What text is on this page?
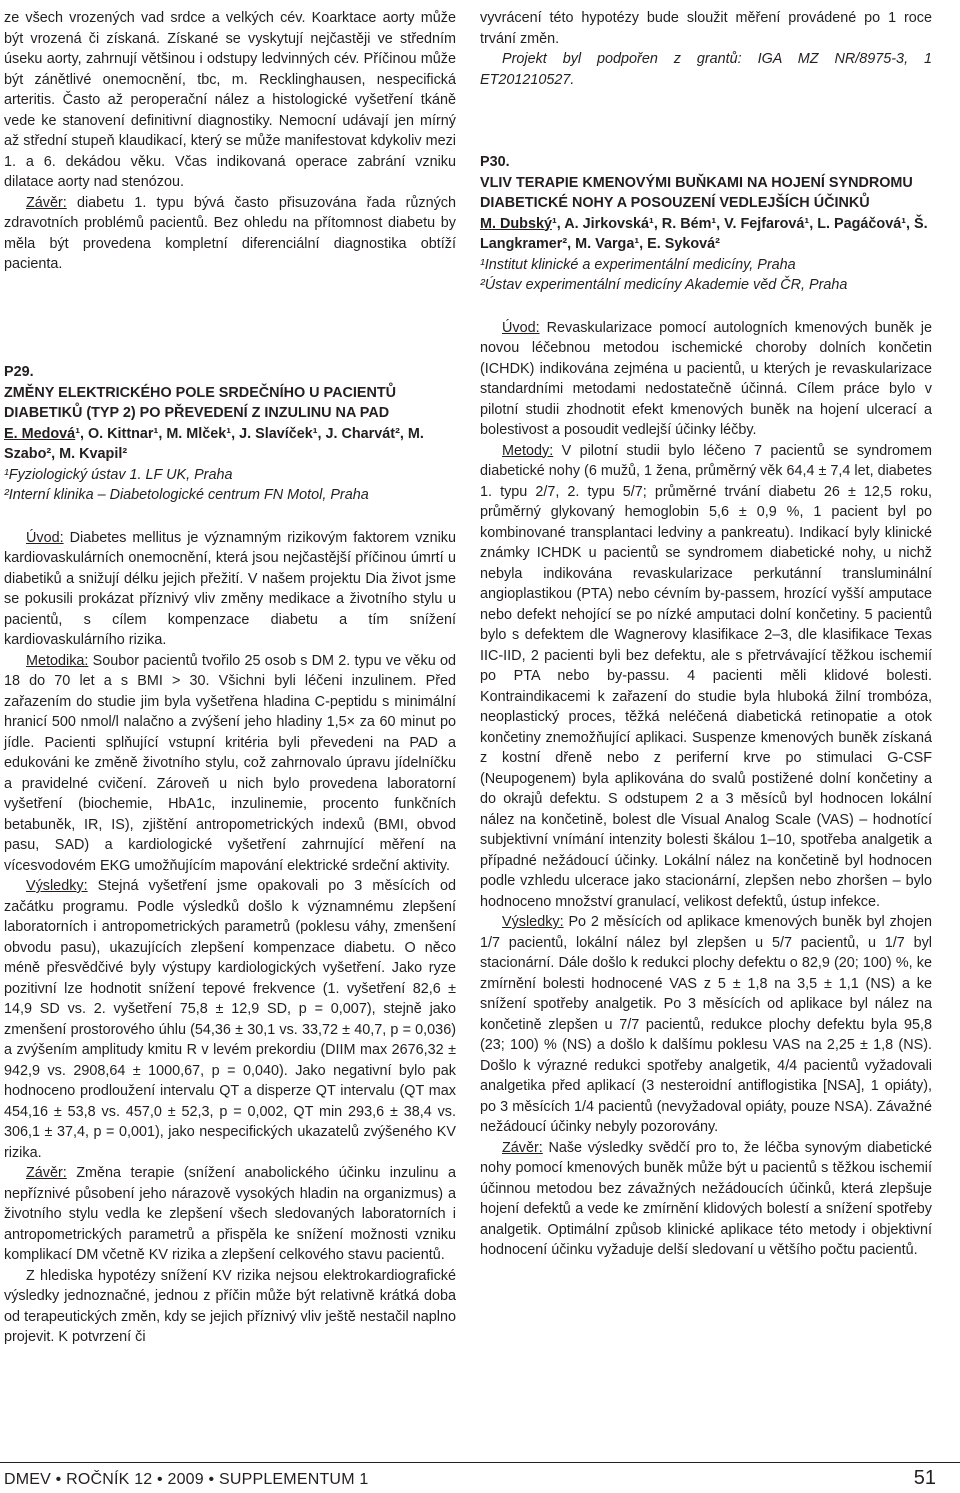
ze všech vrozených vad srdce a velkých cév. Koarktace aorty může být vrozená či získaná. Získané se vyskytují nejčastěji ve středním úseku aorty, zahrnují většinou i odstupy ledvinných cév. Příčinou může být zánětlivé onemocnění, tbc, m. Recklinghausen, nespecifická arteritis. Často až peroperační nález a histologické vyšetření tkáně vede ke stanovení definitivní diagnostiky. Nemocní udávají jen mírný až střední stupeň klaudikací, který se může manifestovat kdykoliv mezi 1. a 6. dekádou věku. Včas indikovaná operace zabrání vzniku dilatace aorty nad stenózou.

Závěr: diabetu 1. typu bývá často přisuzována řada různých zdravotních problémů pacientů. Bez ohledu na přítomnost diabetu by měla být provedena kompletní diferenciální diagnostika obtíží pacienta.

P29.

ZMĚNY ELEKTRICKÉHO POLE SRDEČNÍHO U PACIENTŮ DIABETIKŮ (TYP 2) PO PŘEVEDENÍ Z INZULINU NA PAD

E. Medová¹, O. Kittnar¹, M. Mlček¹, J. Slavíček¹, J. Charvát², M. Szabo², M. Kvapil²

¹Fyziologický ústav 1. LF UK, Praha

²Interní klinika – Diabetologické centrum FN Motol, Praha

Úvod: Diabetes mellitus je významným rizikovým faktorem vzniku kardiovaskulárních onemocnění, která jsou nejčastější příčinou úmrtí u diabetiků a snižují délku jejich přežití. V našem projektu Dia život jsme se pokusili prokázat příznivý vliv změny medikace a životního stylu u pacientů, s cílem kompenzace diabetu a tím snížení kardiovaskulárního rizika.

Metodika: Soubor pacientů tvořilo 25 osob s DM 2. typu ve věku od 18 do 70 let a s BMI > 30. Všichni byli léčeni inzulinem. Před zařazením do studie jim byla vyšetřena hladina C-peptidu s minimální hranicí 500 nmol/l nalačno a zvýšení jeho hladiny 1,5× za 60 minut po jídle. Pacienti splňující vstupní kritéria byli převedeni na PAD a edukováni ke změně životního stylu, což zahrnovalo úpravu jídelníčku a pravidelné cvičení. Zároveň u nich bylo provedena laboratorní vyšetření (biochemie, HbA1c, inzulinemie, procento funkčních betabuněk, IR, IS), zjištění antropometrických indexů (BMI, obvod pasu, SAD) a kardiologické vyšetření zahrnující měření na vícesvodovém EKG umožňujícím mapování elektrické srdeční aktivity.

Výsledky: Stejná vyšetření jsme opakovali po 3 měsících od začátku programu. Podle výsledků došlo k významnému zlepšení laboratorních i antropometrických parametrů (poklesu váhy, zmenšení obvodu pasu), ukazujících zlepšení kompenzace diabetu. O něco méně přesvědčivé byly výstupy kardiologických vyšetření. Jako ryze pozitivní lze hodnotit snížení tepové frekvence (1. vyšetření 82,6 ± 14,9 SD vs. 2. vyšetření 75,8 ± 12,9 SD, p = 0,007), stejně jako zmenšení prostorového úhlu (54,36 ± 30,1 vs. 33,72 ± 40,7, p = 0,036) a zvýšením amplitudy kmitu R v levém prekordiu (DIIM max 2676,32 ± 942,9 vs. 2908,64 ± 1000,67, p = 0,040). Jako negativní bylo pak hodnoceno prodloužení intervalu QT a disperze QT intervalu (QT max 454,16 ± 53,8 vs. 457,0 ± 52,3, p = 0,002, QT min 293,6 ± 38,4 vs. 306,1 ± 37,4, p = 0,001), jako nespecifických ukazatelů zvýšeného KV rizika.

Závěr: Změna terapie (snížení anabolického účinku inzulinu a nepříznivé působení jeho nárazově vysokých hladin na organizmus) a životního stylu vedla ke zlepšení všech sledovaných laboratorních i antropometrických parametrů a přispěla ke snížení možnosti vzniku komplikací DM včetně KV rizika a zlepšení celkového stavu pacientů.

Z hlediska hypotézy snížení KV rizika nejsou elektrokardiografické výsledky jednoznačné, jednou z příčin může být relativně krátká doba od terapeutických změn, kdy se jejich příznivý vliv ještě nestačil naplno projevit. K potvrzení či

vyvrácení této hypotézy bude sloužit měření provádené po 1 roce trvání změn.

Projekt byl podpořen z grantů: IGA MZ NR/8975-3, 1 ET201210527.

P30.

VLIV TERAPIE KMENOVÝMI BUŇKAMI NA HOJENÍ SYNDROMU DIABETICKÉ NOHY A POSOUZENÍ VEDLEJŠÍCH ÚČINKŮ

M. Dubský¹, A. Jirkovská¹, R. Bém¹, V. Fejfarová¹, L. Pagáčová¹, Š. Langkramer², M. Varga¹, E. Syková²

¹Institut klinické a experimentální medicíny, Praha

²Ústav experimentální medicíny Akademie věd ČR, Praha

Úvod: Revaskularizace pomocí autologních kmenových buněk je novou léčebnou metodou ischemické choroby dolních končetin (ICHDK) indikována zejména u pacientů, u kterých je revaskularizace standardními metodami nedostatečně účinná. Cílem práce bylo v pilotní studii zhodnotit efekt kmenových buněk na hojení ulcerací a bolestivost a posoudit vedlejší účinky léčby.

Metody: V pilotní studii bylo léčeno 7 pacientů se syndromem diabetické nohy (6 mužů, 1 žena, průměrný věk 64,4 ± 7,4 let, diabetes 1. typu 2/7, 2. typu 5/7; průměrné trvání diabetu 26 ± 12,5 roku, průměrný glykovaný hemoglobin 5,6 ± 0,9 %, 1 pacient byl po kombinované transplantaci ledviny a pankreatu). Indikací byly klinické známky ICHDK u pacientů se syndromem diabetické nohy, u nichž nebyla indikována revaskularizace perkutánní transluminální angioplastikou (PTA) nebo cévním by-passem, hrozící vyšší amputace nebo defekt nehojící se po nízké amputaci dolní končetiny. 5 pacientů bylo s defektem dle Wagnerovy klasifikace 2–3, dle klasifikace Texas IIC-IID, 2 pacienti byli bez defektu, ale s přetrvávající těžkou ischemií po PTA nebo by-passu. 4 pacienti měli klidové bolesti. Kontraindikacemi k zařazení do studie byla hluboká žilní trombóza, neoplastický proces, těžká neléčená diabetická retinopatie a otok končetiny znemožňující aplikaci. Suspenze kmenových buněk získaná z kostní dřeně nebo z periferní krve po stimulaci G-CSF (Neupogenem) byla aplikována do svalů postižené dolní končetiny a do okrajů defektu. S odstupem 2 a 3 měsíců byl hodnocen lokální nález na končetině, bolest dle Visual Analog Scale (VAS) – hodnotící subjektivní vnímání intenzity bolesti škálou 1–10, spotřeba analgetik a případné nežádoucí účinky. Lokální nález na končetině byl hodnocen podle vzhledu ulcerace jako stacionární, zlepšen nebo zhoršen – bylo hodnoceno množství granulací, velikost defektů, ústup infekce.

Výsledky: Po 2 měsících od aplikace kmenových buněk byl zhojen 1/7 pacientů, lokální nález byl zlepšen u 5/7 pacientů, u 1/7 byl stacionární. Dále došlo k redukci plochy defektu o 82,9 (20; 100) %, ke zmírnění bolesti hodnocené VAS z 5 ± 1,8 na 3,5 ± 1,1 (NS) a ke snížení spotřeby analgetik. Po 3 měsících od aplikace byl nález na končetině zlepšen u 7/7 pacientů, redukce plochy defektu byla 95,8 (23; 100) % (NS) a došlo k dalšímu poklesu VAS na 2,25 ± 1,8 (NS). Došlo k výrazné redukci spotřeby analgetik, 4/4 pacientů vyžadovali analgetika před aplikací (3 nesteroidní antiflogistika [NSA], 1 opiáty), po 3 měsících 1/4 pacientů (nevyžadoval opiáty, pouze NSA). Závažné nežádoucí účinky nebyly pozorovány.

Závěr: Naše výsledky svědčí pro to, že léčba synovým diabetické nohy pomocí kmenových buněk může být u pacientů s těžkou ischemií účinnou metodou bez závažných nežádoucích účinků, která zlepšuje hojení defektů a vede ke zmírnění klidových bolestí a snížení spotřeby analgetik. Optimální způsob klinické aplikace této metody i objektivní hodnocení účinku vyžaduje delší sledovaní u většího počtu pacientů.

DMEV • ROČNÍK 12 • 2009 • SUPPLEMENTUM 1	51
